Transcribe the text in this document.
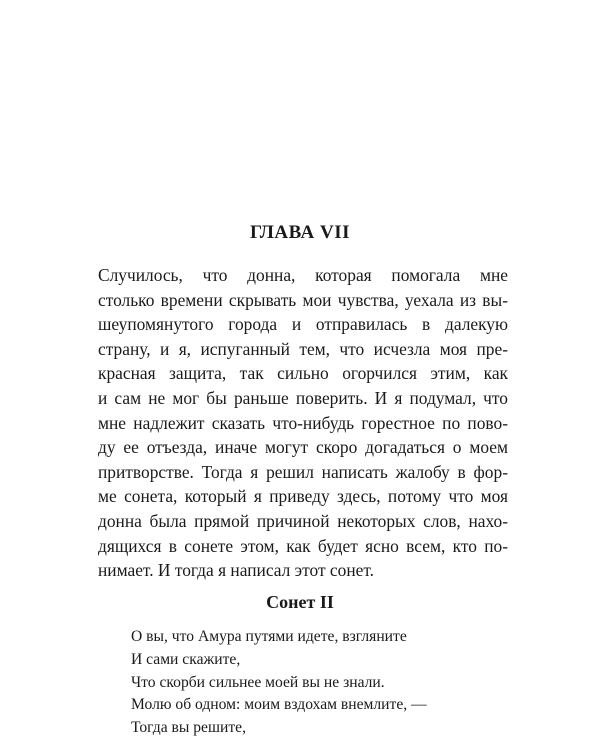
ГЛАВА VII
Случилось, что донна, которая помогала мне
столько времени скрывать мои чувства, уехала из вы-
шеупомянутого города и отправилась в далекую
страну, и я, испуганный тем, что исчезла моя пре-
красная защита, так сильно огорчился этим, как
и сам не мог бы раньше поверить. И я подумал, что
мне надлежит сказать что-нибудь горестное по пово-
ду ее отъезда, иначе могут скоро догадаться о моем
притворстве. Тогда я решил написать жалобу в фор-
ме сонета, который я приведу здесь, потому что моя
донна была прямой причиной некоторых слов, нахо-
дящихся в сонете этом, как будет ясно всем, кто по-
нимает. И тогда я написал этот сонет.
Сонет II
О вы, что Амура путями идете, взгляните
И сами скажите,
Что скорби сильнее моей вы не знали.
Молю об одном: моим вздохам внемлите, —
Тогда вы решите,
